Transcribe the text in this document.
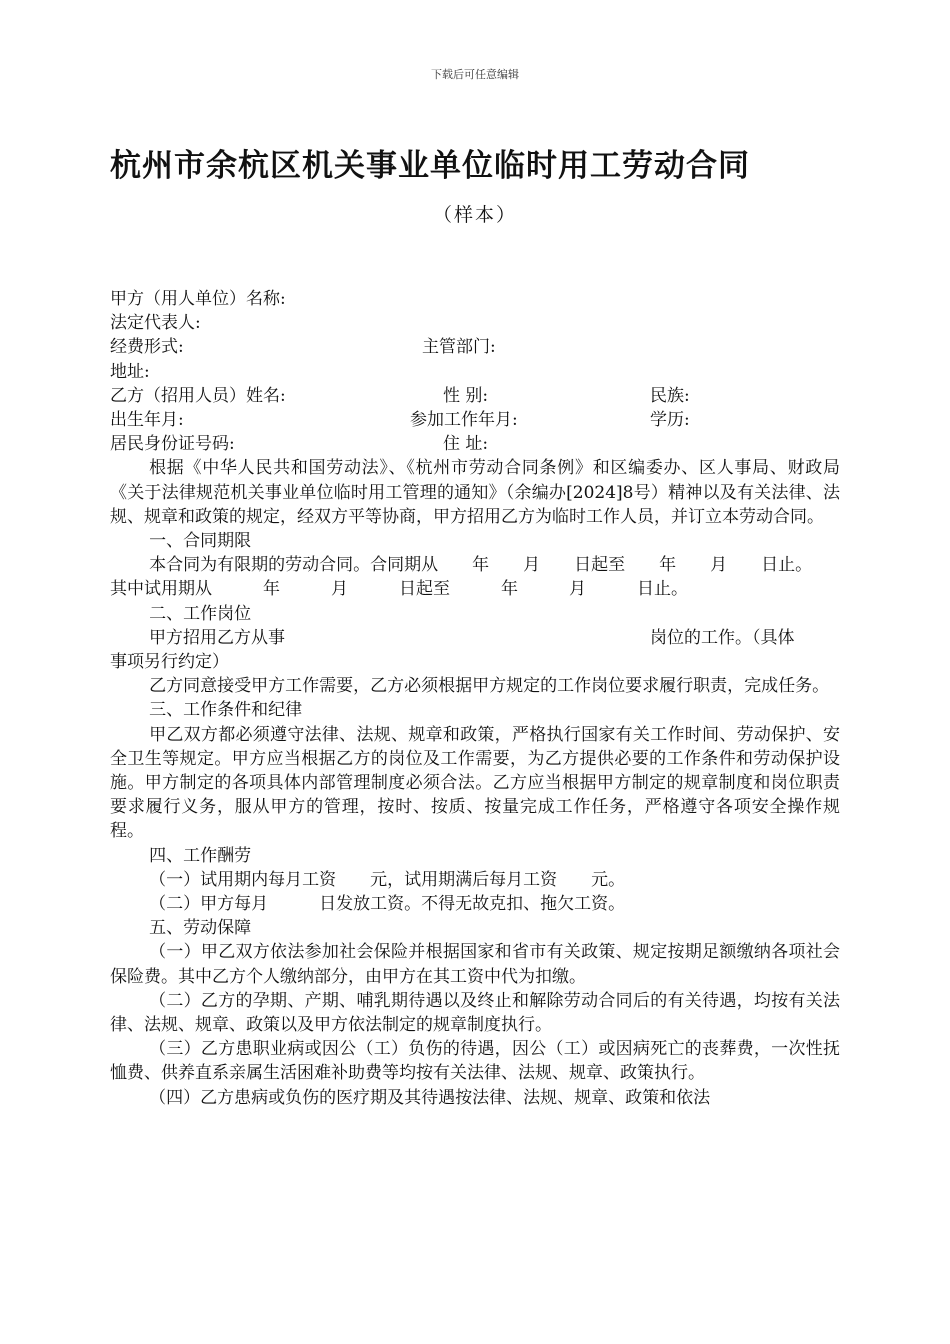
下载后可任意编辑
杭州市余杭区机关事业单位临时用工劳动合同
（样本）
甲方（用人单位）名称:
法定代表人:
经费形式:	主管部门:
地址:
乙方（招用人员）姓名:	性 别:	民族:
出生年月:	参加工作年月:	学历:
居民身份证号码:	住 址:

根据《中华人民共和国劳动法》、《杭州市劳动合同条例》和区编委办、区人事局、财政局《关于法律规范机关事业单位临时用工管理的通知》（余编办[2024]8号）精神以及有关法律、法规、规章和政策的规定，经双方平等协商，甲方招用乙方为临时工作人员，并订立本劳动合同。

一、合同期限

本合同为有限期的劳动合同。合同期从　　年　　月　　日起至　　年　　月　　日止。

其中试用期从　　　年　　　月　　　日起至　　　年　　　月　　　日止。

二、工作岗位

甲方招用乙方从事	岗位的工作。（具体

事项另行约定）

乙方同意接受甲方工作需要，乙方必须根据甲方规定的工作岗位要求履行职责，完成任务。

三、工作条件和纪律

甲乙双方都必须遵守法律、法规、规章和政策，严格执行国家有关工作时间、劳动保护、安全卫生等规定。甲方应当根据乙方的岗位及工作需要，为乙方提供必要的工作条件和劳动保护设施。甲方制定的各项具体内部管理制度必须合法。乙方应当根据甲方制定的规章制度和岗位职责要求履行义务，服从甲方的管理，按时、按质、按量完成工作任务，严格遵守各项安全操作规程。

四、工作酬劳

（一）试用期内每月工资　　元，试用期满后每月工资　　元。

（二）甲方每月　　　日发放工资。不得无故克扣、拖欠工资。

五、劳动保障

（一）甲乙双方依法参加社会保险并根据国家和省市有关政策、规定按期足额缴纳各项社会保险费。其中乙方个人缴纳部分，由甲方在其工资中代为扣缴。

（二）乙方的孕期、产期、哺乳期待遇以及终止和解除劳动合同后的有关待遇，均按有关法律、法规、规章、政策以及甲方依法制定的规章制度执行。

（三）乙方患职业病或因公（工）负伤的待遇，因公（工）或因病死亡的丧葬费，一次性抚恤费、供养直系亲属生活困难补助费等均按有关法律、法规、规章、政策执行。

（四）乙方患病或负伤的医疗期及其待遇按法律、法规、规章、政策和依法
